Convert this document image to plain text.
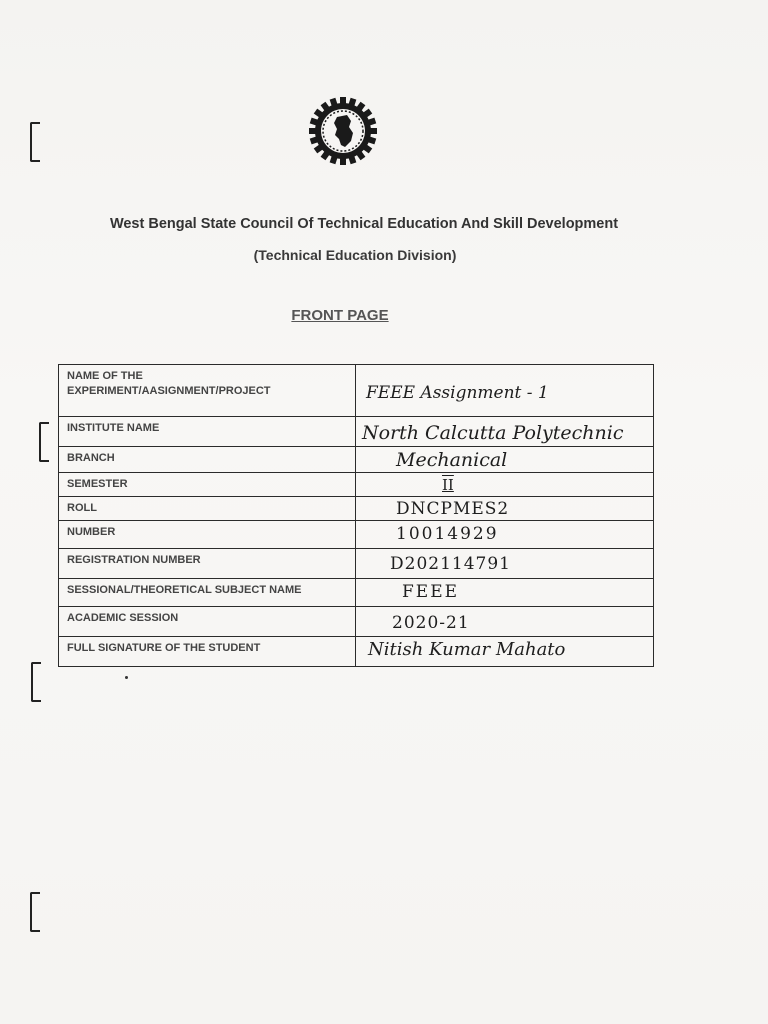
West Bengal State Council Of Technical Education And Skill Development
(Technical Education Division)
FRONT PAGE
NAME OF THE EXPERIMENT/AASIGNMENT/PROJECT	FEEE Assignment - 1
INSTITUTE NAME	North Calcutta Polytechnic
BRANCH	Mechanical
SEMESTER	II
ROLL	DNCPMES2
NUMBER	10014929
REGISTRATION NUMBER	D202114791
SESSIONAL/THEORETICAL SUBJECT NAME	FEEE
ACADEMIC SESSION	2020-21
FULL SIGNATURE OF THE STUDENT	Nitish Kumar Mahato
